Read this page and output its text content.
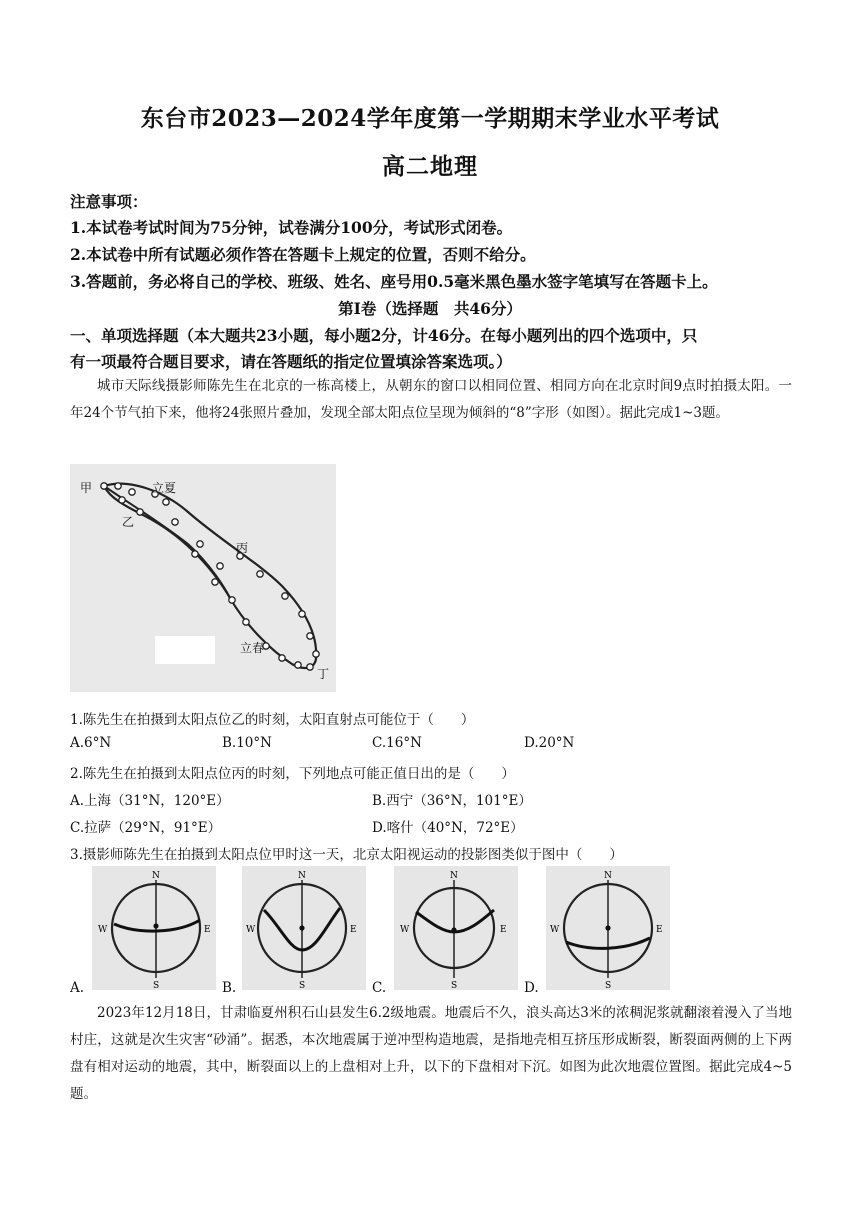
东台市2023—2024学年度第一学期期末学业水平考试
高二地理
注意事项：
1.本试卷考试时间为75分钟，试卷满分100分，考试形式闭卷。
2.本试卷中所有试题必须作答在答题卡上规定的位置，否则不给分。
3.答题前，务必将自己的学校、班级、姓名、座号用0.5毫米黑色墨水签字笔填写在答题卡上。
第Ⅰ卷（选择题　共46分）
一、单项选择题（本大题共23小题，每小题2分，计46分。在每小题列出的四个选项中，只
有一项最符合题目要求，请在答题纸的指定位置填涂答案选项。）
城市天际线摄影师陈先生在北京的一栋高楼上，从朝东的窗口以相同位置、相同方向在北京时间9点时拍摄太阳。一年24个节气拍下来，他将24张照片叠加，发现全部太阳点位呈现为倾斜的“8”字形（如图）。据此完成1~3题。
甲
乙
立夏
丙
立春
丁
1.陈先生在拍摄到太阳点位乙的时刻，太阳直射点可能位于（　　）
A.6°N	B.10°N	C.16°N	D.20°N
2.陈先生在拍摄到太阳点位丙的时刻，下列地点可能正值日出的是（　　）
A.上海（31°N，120°E）	B.西宁（36°N，101°E）
C.拉萨（29°N，91°E）	D.喀什（40°N，72°E）
3.摄影师陈先生在拍摄到太阳点位甲时这一天，北京太阳视运动的投影图类似于图中（　　）
N
S
W	E
A.
N
S
W	E
B.
N
S
W	E
C.
N
S
W	E
D.
2023年12月18日，甘肃临夏州积石山县发生6.2级地震。地震后不久，浪头高达3米的浓稠泥浆就翻滚着漫入了当地村庄，这就是次生灾害“砂涌”。据悉，本次地震属于逆冲型构造地震，是指地壳相互挤压形成断裂，断裂面两侧的上下两盘有相对运动的地震，其中，断裂面以上的上盘相对上升，以下的下盘相对下沉。如图为此次地震位置图。据此完成4~5题。
